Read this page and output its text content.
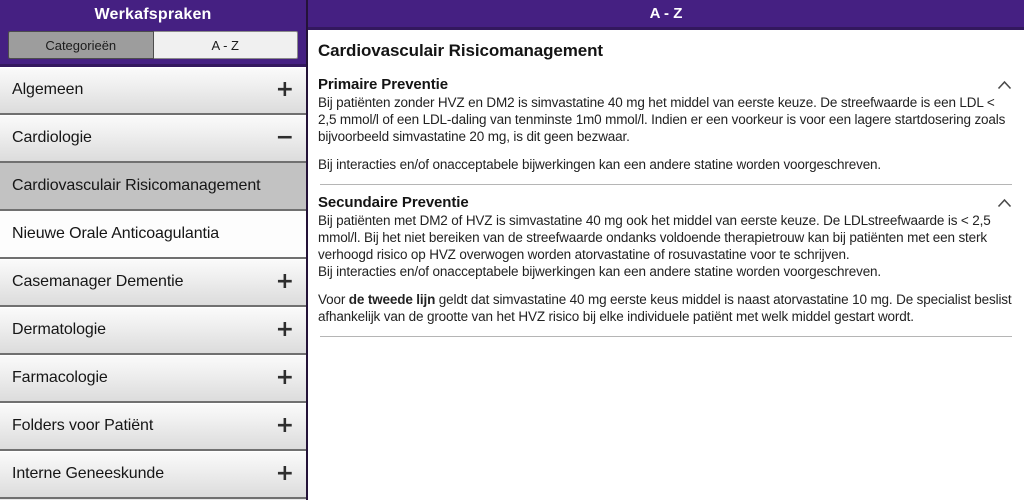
Werkafspraken
Categorieën	A - Z
Algemeen	+
Cardiologie	−
Cardiovasculair Risicomanagement
Nieuwe Orale Anticoagulantia
Casemanager Dementie	+
Dermatologie	+
Farmacologie	+
Folders voor Patiënt	+
Interne Geneeskunde	+
A - Z
Cardiovasculair Risicomanagement
Primaire Preventie
Bij patiënten zonder HVZ en DM2 is simvastatine 40 mg het middel van eerste keuze. De streefwaarde is een LDL < 2,5 mmol/l of een LDL-daling van tenminste 1m0 mmol/l. Indien er een voorkeur is voor een lagere startdosering zoals bijvoorbeeld simvastatine 20 mg, is dit geen bezwaar.
Bij interacties en/of onacceptabele bijwerkingen kan een andere statine worden voorgeschreven.
Secundaire Preventie
Bij patiënten met DM2 of HVZ is simvastatine 40 mg ook het middel van eerste keuze. De LDLstreefwaarde is < 2,5 mmol/l. Bij het niet bereiken van de streefwaarde ondanks voldoende therapietrouw kan bij patiënten met een sterk verhoogd risico op HVZ overwogen worden atorvastatine of rosuvastatine voor te schrijven.
Bij interacties en/of onacceptabele bijwerkingen kan een andere statine worden voorgeschreven.
Voor de tweede lijn geldt dat simvastatine 40 mg eerste keus middel is naast atorvastatine 10 mg. De specialist beslist afhankelijk van de grootte van het HVZ risico bij elke individuele patiënt met welk middel gestart wordt.
